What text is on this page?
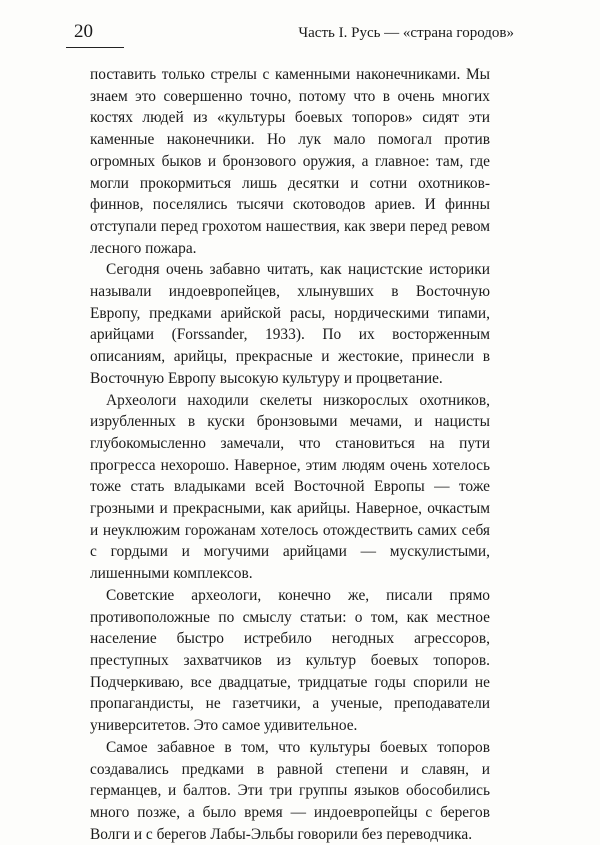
20	Часть I. Русь — «страна городов»

поставить только стрелы с каменными наконечниками. Мы знаем это совершенно точно, потому что в очень многих костях людей из «культуры боевых топоров» сидят эти каменные наконечники. Но лук мало помогал против огромных быков и бронзового оружия, а главное: там, где могли прокормиться лишь десятки и сотни охотников-финнов, поселялись тысячи скотоводов ариев. И финны отступали перед грохотом нашествия, как звери перед ревом лесного пожара.

Сегодня очень забавно читать, как нацистские историки называли индоевропейцев, хлынувших в Восточную Европу, предками арийской расы, нордическими типами, арийцами (Forssander, 1933). По их восторженным описаниям, арийцы, прекрасные и жестокие, принесли в Восточную Европу высокую культуру и процветание.

Археологи находили скелеты низкорослых охотников, изрубленных в куски бронзовыми мечами, и нацисты глубокомысленно замечали, что становиться на пути прогресса нехорошо. Наверное, этим людям очень хотелось тоже стать владыками всей Восточной Европы — тоже грозными и прекрасными, как арийцы. Наверное, очкастым и неуклюжим горожанам хотелось отождествить самих себя с гордыми и могучими арийцами — мускулистыми, лишенными комплексов.

Советские археологи, конечно же, писали прямо противоположные по смыслу статьи: о том, как местное население быстро истребило негодных агрессоров, преступных захватчиков из культур боевых топоров. Подчеркиваю, все двадцатые, тридцатые годы спорили не пропагандисты, не газетчики, а ученые, преподаватели университетов. Это самое удивительное.

Самое забавное в том, что культуры боевых топоров создавались предками в равной степени и славян, и германцев, и балтов. Эти три группы языков обособились много позже, а было время — индоевропейцы с берегов Волги и с берегов Лабы-Эльбы говорили без переводчика.
